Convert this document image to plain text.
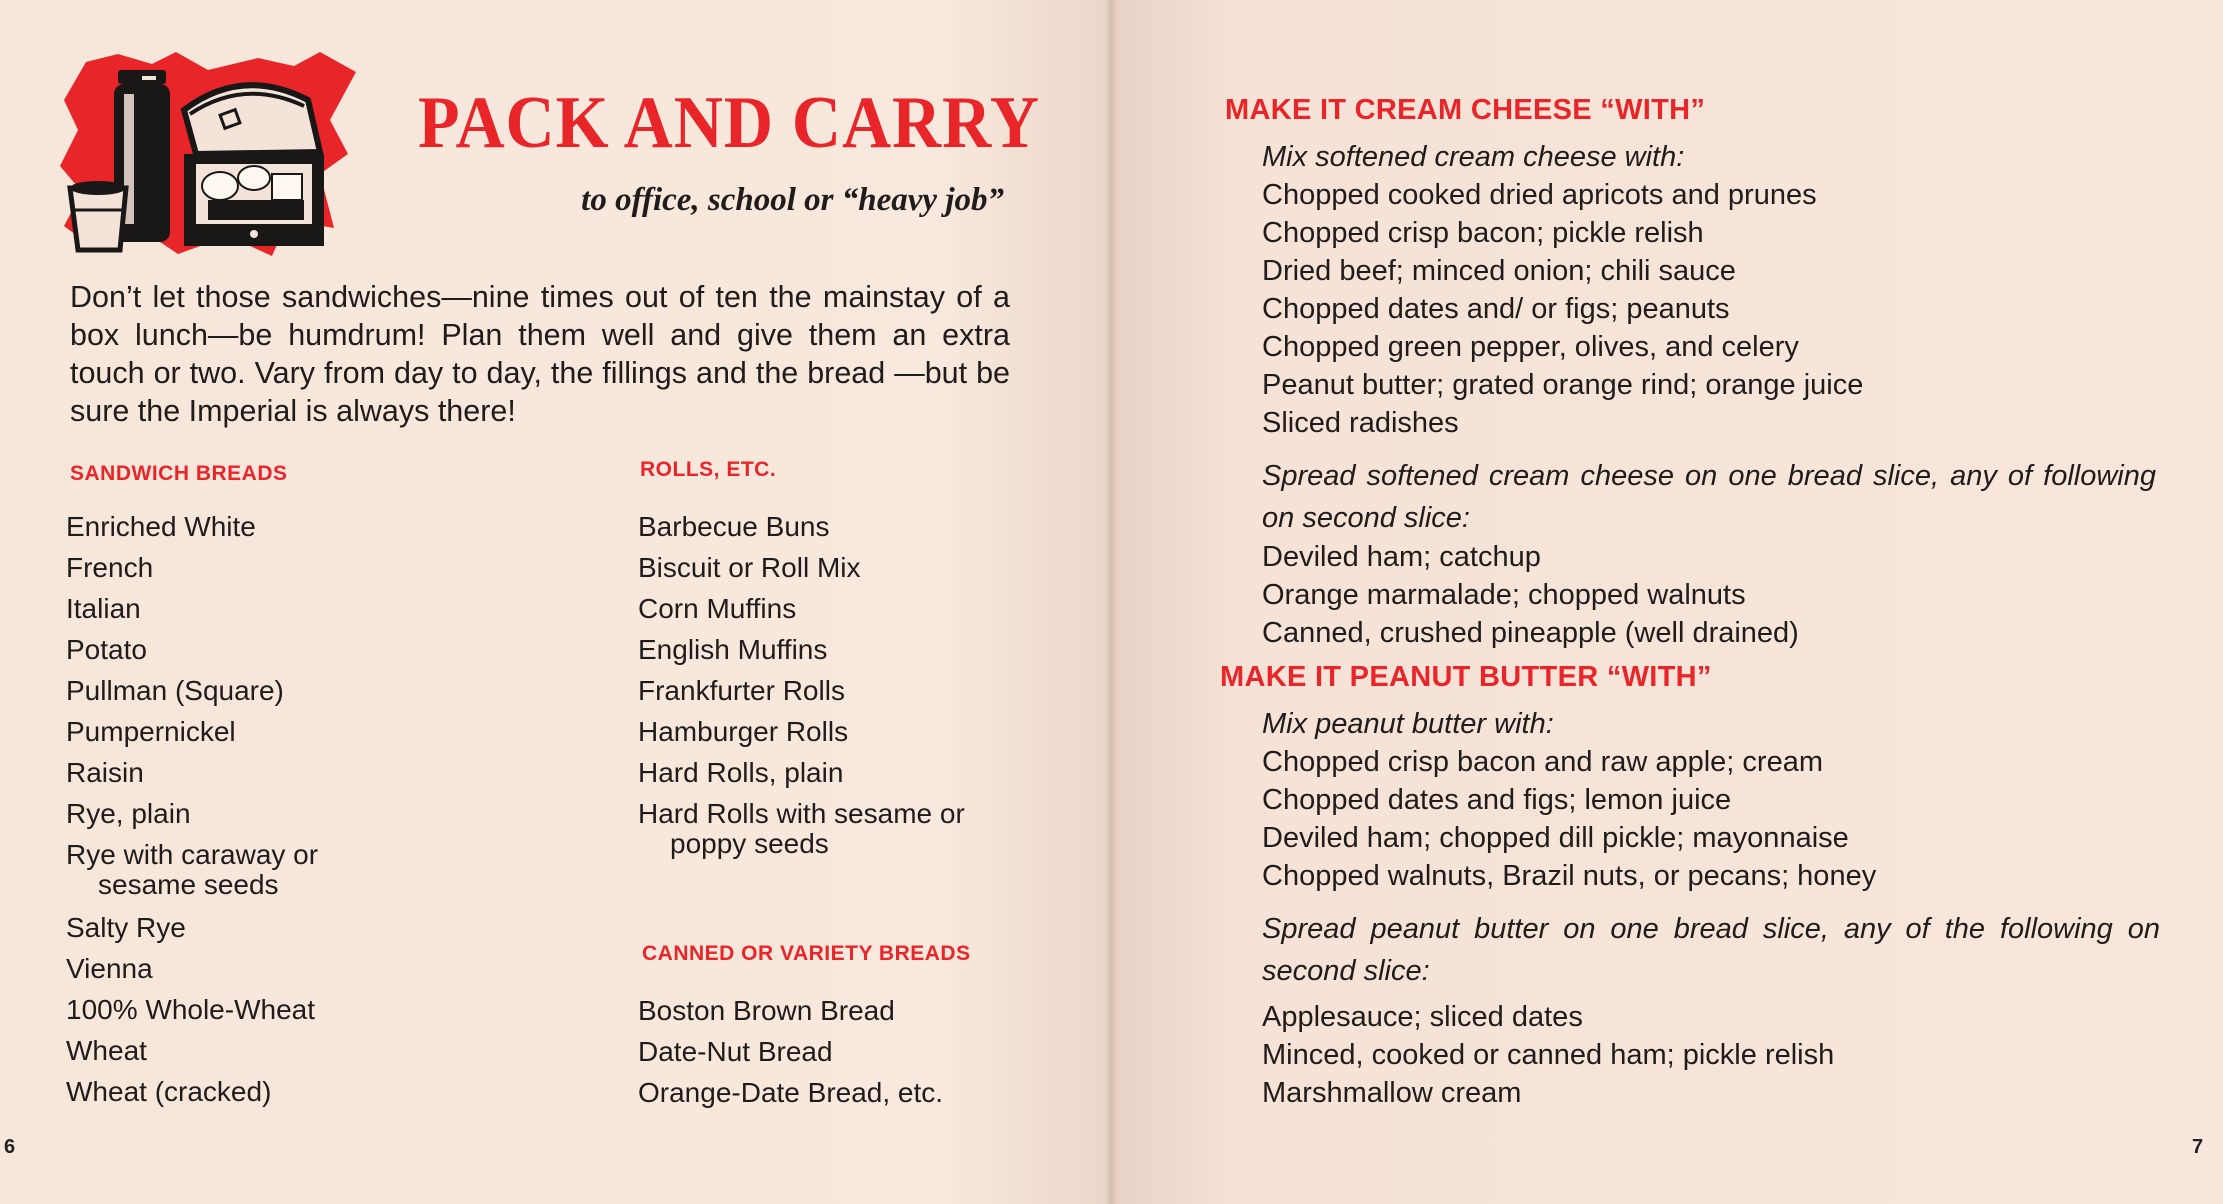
PACK AND CARRY
to office, school or “heavy job”
Don’t let those sandwiches—nine times out of ten the mainstay of a box lunch—be humdrum! Plan them well and give them an extra touch or two. Vary from day to day, the fillings and the bread —but be sure the Imperial is always there!
SANDWICH BREADS
Enriched White
French
Italian
Potato
Pullman (Square)
Pumpernickel
Raisin
Rye, plain
Rye with caraway or
sesame seeds
Salty Rye
Vienna
100% Whole-Wheat
Wheat
Wheat (cracked)
ROLLS, ETC.
Barbecue Buns
Biscuit or Roll Mix
Corn Muffins
English Muffins
Frankfurter Rolls
Hamburger Rolls
Hard Rolls, plain
Hard Rolls with sesame or
poppy seeds
CANNED OR VARIETY BREADS
Boston Brown Bread
Date-Nut Bread
Orange-Date Bread, etc.
6
MAKE IT CREAM CHEESE “WITH”
Mix softened cream cheese with:
Chopped cooked dried apricots and prunes
Chopped crisp bacon; pickle relish
Dried beef; minced onion; chili sauce
Chopped dates and/ or figs; peanuts
Chopped green pepper, olives, and celery
Peanut butter; grated orange rind; orange juice
Sliced radishes
Spread softened cream cheese on one bread slice, any of following on second slice:
Deviled ham; catchup
Orange marmalade; chopped walnuts
Canned, crushed pineapple (well drained)
MAKE IT PEANUT BUTTER “WITH”
Mix peanut butter with:
Chopped crisp bacon and raw apple; cream
Chopped dates and figs; lemon juice
Deviled ham; chopped dill pickle; mayonnaise
Chopped walnuts, Brazil nuts, or pecans; honey
Spread peanut butter on one bread slice, any of the following on second slice:
Applesauce; sliced dates
Minced, cooked or canned ham; pickle relish
Marshmallow cream
7
